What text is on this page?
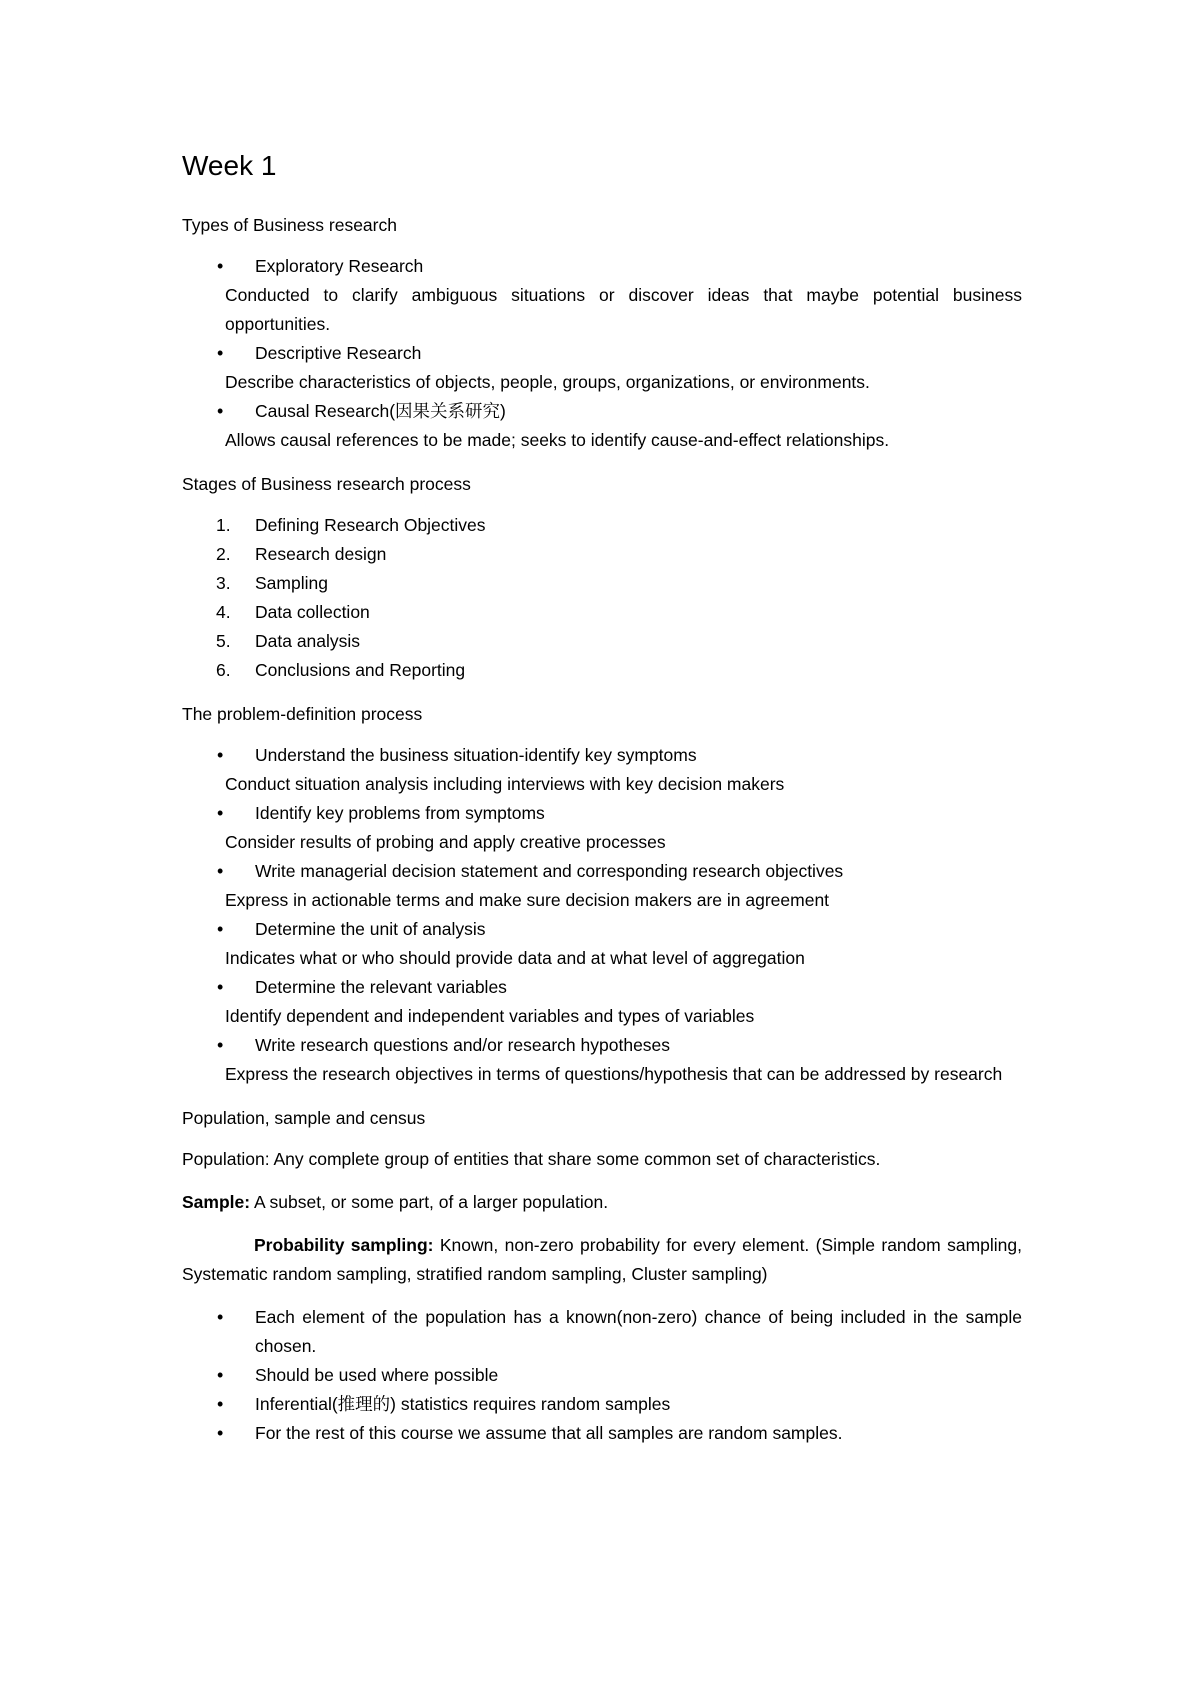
Week 1

Types of Business research

• Exploratory Research
Conducted to clarify ambiguous situations or discover ideas that maybe potential business opportunities.
• Descriptive Research
Describe characteristics of objects, people, groups, organizations, or environments.
• Causal Research(因果关系研究)
Allows causal references to be made; seeks to identify cause-and-effect relationships.

Stages of Business research process

1. Defining Research Objectives
2. Research design
3. Sampling
4. Data collection
5. Data analysis
6. Conclusions and Reporting

The problem-definition process

• Understand the business situation-identify key symptoms
Conduct situation analysis including interviews with key decision makers
• Identify key problems from symptoms
Consider results of probing and apply creative processes
• Write managerial decision statement and corresponding research objectives
Express in actionable terms and make sure decision makers are in agreement
• Determine the unit of analysis
Indicates what or who should provide data and at what level of aggregation
• Determine the relevant variables
Identify dependent and independent variables and types of variables
• Write research questions and/or research hypotheses
Express the research objectives in terms of questions/hypothesis that can be addressed by research

Population, sample and census

Population: Any complete group of entities that share some common set of characteristics.

Sample: A subset, or some part, of a larger population.

Probability sampling: Known, non-zero probability for every element. (Simple random sampling, Systematic random sampling, stratified random sampling, Cluster sampling)

• Each element of the population has a known(non-zero) chance of being included in the sample chosen.
• Should be used where possible
• Inferential(推理的) statistics requires random samples
• For the rest of this course we assume that all samples are random samples.
